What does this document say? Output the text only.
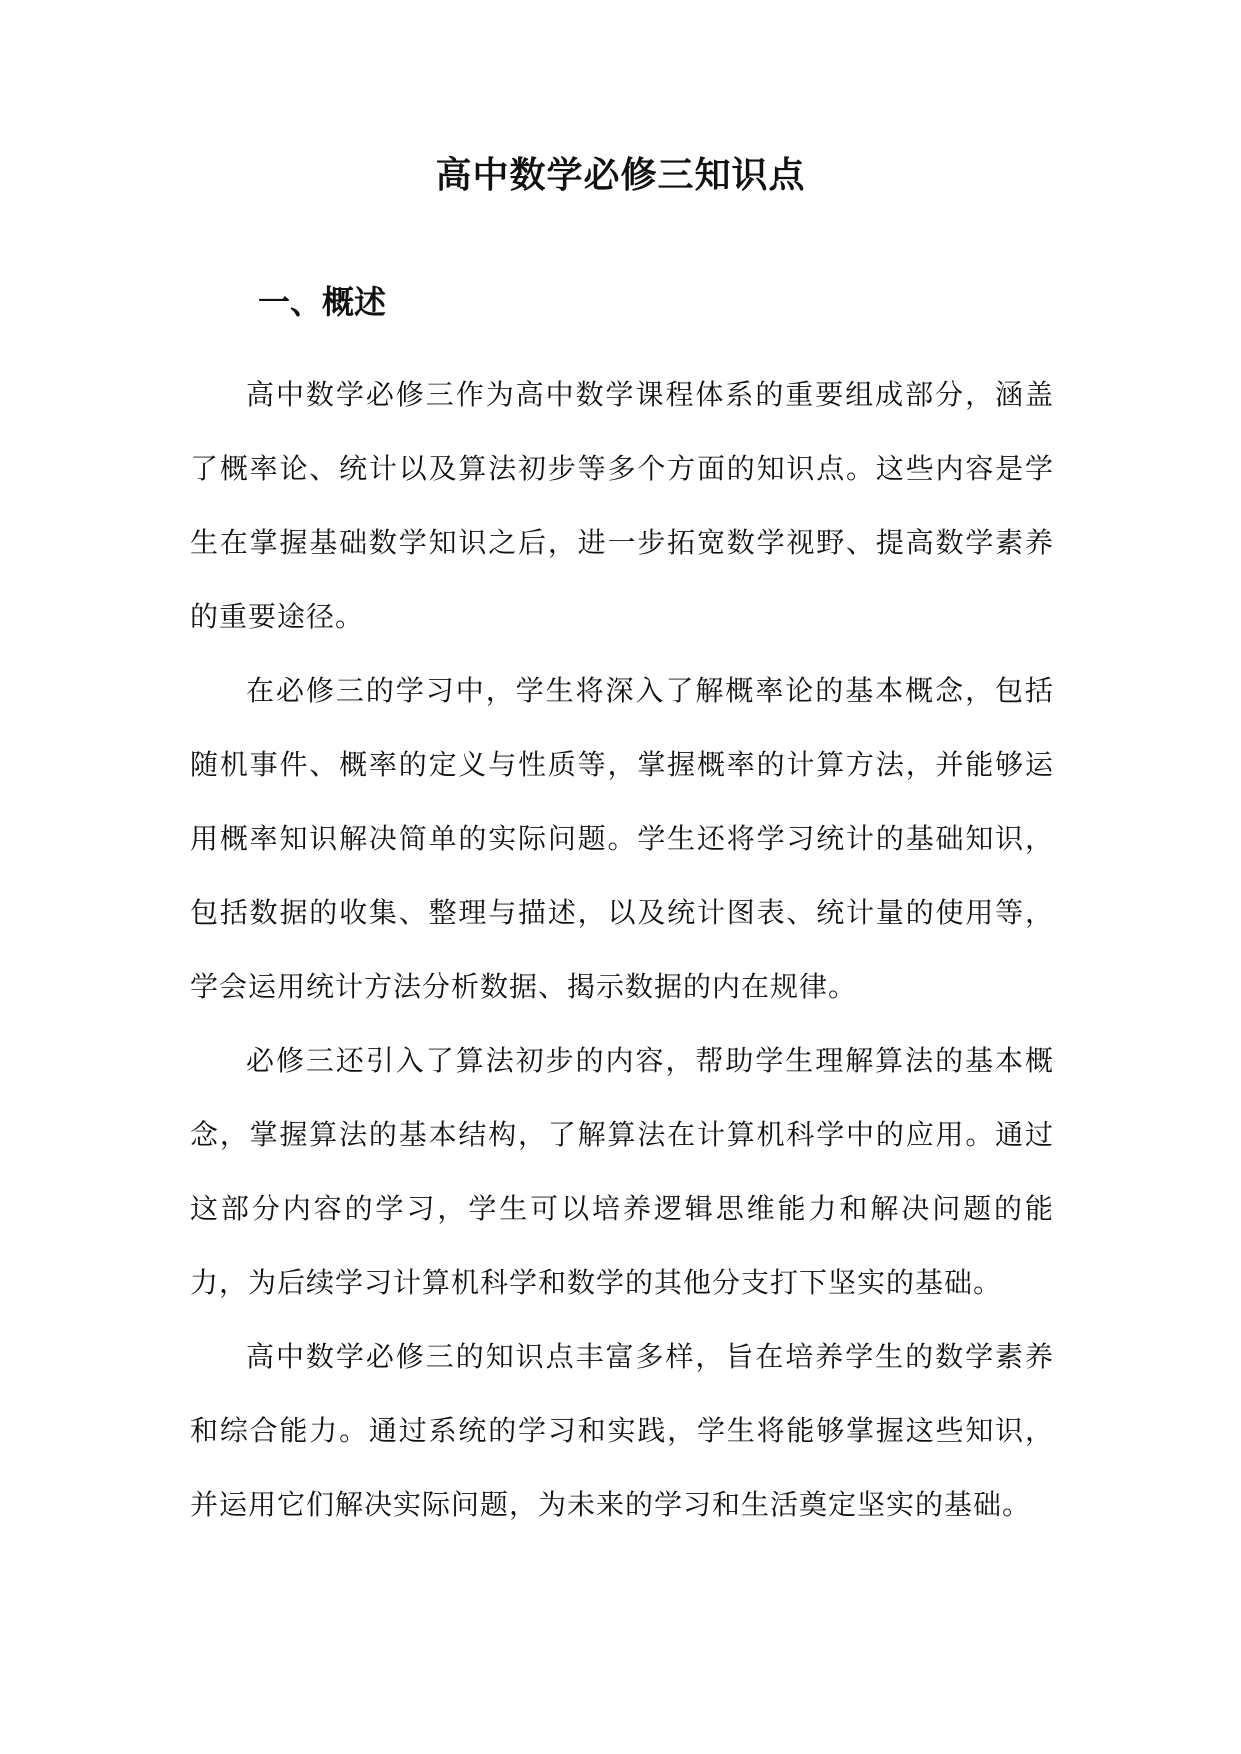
高中数学必修三知识点
一、概述

高中数学必修三作为高中数学课程体系的重要组成部分，涵盖了概率论、统计以及算法初步等多个方面的知识点。这些内容是学生在掌握基础数学知识之后，进一步拓宽数学视野、提高数学素养的重要途径。

在必修三的学习中，学生将深入了解概率论的基本概念，包括随机事件、概率的定义与性质等，掌握概率的计算方法，并能够运用概率知识解决简单的实际问题。学生还将学习统计的基础知识，包括数据的收集、整理与描述，以及统计图表、统计量的使用等，学会运用统计方法分析数据、揭示数据的内在规律。

必修三还引入了算法初步的内容，帮助学生理解算法的基本概念，掌握算法的基本结构，了解算法在计算机科学中的应用。通过这部分内容的学习，学生可以培养逻辑思维能力和解决问题的能力，为后续学习计算机科学和数学的其他分支打下坚实的基础。

高中数学必修三的知识点丰富多样，旨在培养学生的数学素养和综合能力。通过系统的学习和实践，学生将能够掌握这些知识，并运用它们解决实际问题，为未来的学习和生活奠定坚实的基础。
